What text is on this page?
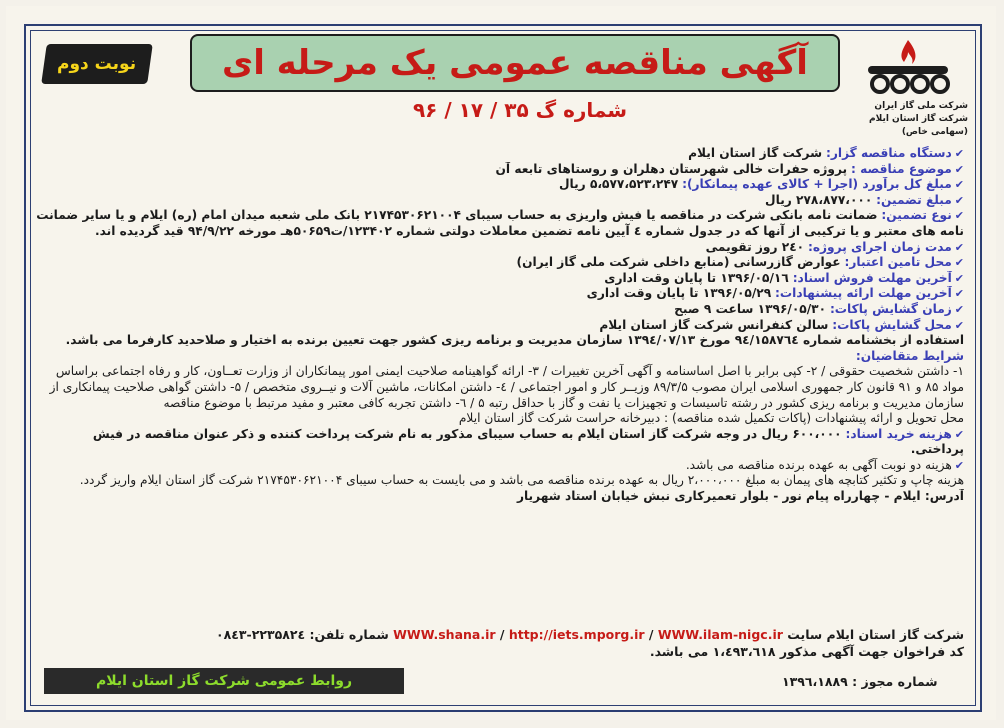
نوبت دوم	آگهی مناقصه عمومی یک مرحله ای
شماره گ ۳۵ / ۱۷ / ۹۶	شرکت ملی گاز ایران
شرکت گاز استان ایلام (سهامی خاص)
✔دستگاه مناقصه گزار: شرکت گاز استان ایلام
✔موضوع مناقصه : پروژه حفرات خالی شهرستان دهلران و روستاهای تابعه آن
✔مبلغ کل برآورد (اجرا + کالای عهده پیمانکار): ۵،۵۷۷،۵۲۳،۲۴۷ ریال
✔مبلغ تضمین: ۲۷۸،۸۷۷،۰۰۰ ریال
✔نوع تضمین: ضمانت نامه بانکی شرکت در مناقصه یا فیش واریزی به حساب سیبای ۲۱۷۴۵۳۰۶۲۱۰۰۴ بانک ملی شعبه میدان امام (ره) ایلام و یا سایر ضمانت نامه های معتبر و یا ترکیبی از آنها که در جدول شماره ٤ آیین نامه تضمین معاملات دولتی شماره ۱۲۳۴۰۲/ت۵۰۶۵۹هـ مورخه ۹۴/۹/۲۲ قید گردیده اند.
✔مدت زمان اجرای پروژه: ۲٤۰ روز تقویمی
✔محل تامین اعتبار: عوارض گازرسانی (منابع داخلی شرکت ملی گاز ایران)
✔آخرین مهلت فروش اسناد: ۱۳۹۶/۰۵/۱٦ تا پایان وقت اداری
✔آخرین مهلت ارائه پیشنهادات: ۱۳۹۶/۰۵/۲۹ تا پایان وقت اداری
✔زمان گشایش پاکات: ۱۳۹۶/۰۵/۳۰ ساعت ۹ صبح
✔محل گشایش پاکات: سالن کنفرانس شرکت گاز استان ایلام
استفاده از بخشنامه شماره ۹٤/۱۵۸۷٦٤ مورخ ۱۳۹٤/۰۷/۱۳ سازمان مدیریت و برنامه ریزی کشور جهت تعیین برنده به اختیار و صلاحدید کارفرما می باشد.
شرایط متقاضیان:
۱- داشتن شخصیت حقوقی / ۲- کپی برابر با اصل اساسنامه و آگهی آخرین تغییرات / ۳- ارائه گواهینامه صلاحیت ایمنی امور پیمانکاران از وزارت تعــاون، کار و رفاه اجتماعی براساس مواد ۸۵ و ۹۱ قانون کار جمهوری اسلامی ایران مصوب ۸۹/۳/۵ وزیــر کار و امور اجتماعی / ٤- داشتن امکانات، ماشین آلات و نیــروی متخصص / ۵- داشتن گواهی صلاحیت پیمانکاری از سازمان مدیریت و برنامه ریزی کشور در رشته تاسیسات و تجهیزات یا نفت و گاز با حداقل رتبه ۵ / ٦- داشتن تجربه کافی معتبر و مفید مرتبط با موضوع مناقصه
محل تحویل و ارائه پیشنهادات (پاکات تکمیل شده مناقصه) : دبیرخانه حراست شرکت گاز استان ایلام
✔هزینه خرید اسناد: ۶۰۰،۰۰۰ ریال در وجه شرکت گاز استان ایلام به حساب سیبای مذکور به نام شرکت پرداخت کننده و ذکر عنوان مناقصه در فیش پرداختی.
✔هزینه دو نوبت آگهی به عهده برنده مناقصه می باشد.
هزینه چاپ و تکثیر کتابچه های پیمان به مبلغ ۲،۰۰۰،۰۰۰ ریال به عهده برنده مناقصه می باشد و می بایست به حساب سیبای ۲۱۷۴۵۳۰۶۲۱۰۰۴ شرکت گاز استان ایلام واریز گردد.
آدرس: ایلام - چهارراه پیام نور - بلوار تعمیرکاری نبش خیابان استاد شهریار
شرکت گاز استان ایلام سایت WWW.shana.ir / http://iets.mporg.ir / WWW.ilam-nigc.ir شماره تلفن: ۲۲۳۵۸۲٤-۰۸٤۳
کد فراخوان جهت آگهی مذکور ۱،٤۹۳،٦۱۸ می باشد.
روابط عمومی شرکت گاز استان ایلام	شماره مجوز : ۱۳۹٦،۱۸۸۹
